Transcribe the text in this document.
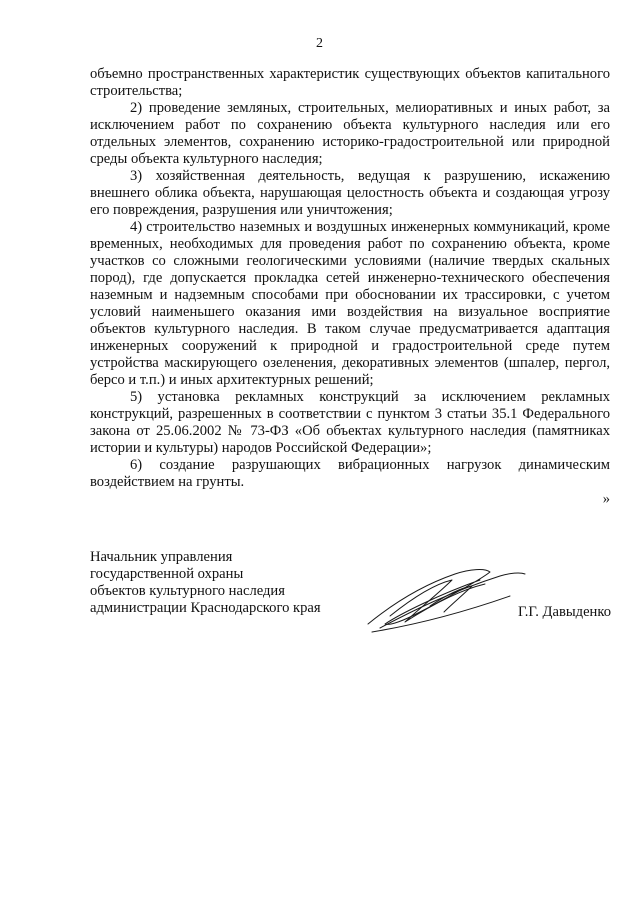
2

объемно пространственных характеристик существующих объектов капитального строительства;

2) проведение земляных, строительных, мелиоративных и иных работ, за исключением работ по сохранению объекта культурного наследия или его отдельных элементов, сохранению историко-градостроительной или природной среды объекта культурного наследия;

3) хозяйственная деятельность, ведущая к разрушению, искажению внешнего облика объекта, нарушающая целостность объекта и создающая угрозу его повреждения, разрушения или уничтожения;

4) строительство наземных и воздушных инженерных коммуникаций, кроме временных, необходимых для проведения работ по сохранению объекта, кроме участков со сложными геологическими условиями (наличие твердых скальных пород), где допускается прокладка сетей инженерно-технического обеспечения наземным и надземным способами при обосновании их трассировки, с учетом условий наименьшего оказания ими воздействия на визуальное восприятие объектов культурного наследия. В таком случае предусматривается адаптация инженерных сооружений к природной и градостроительной среде путем устройства маскирующего озеленения, декоративных элементов (шпалер, пергол, берсо и т.п.) и иных архитектурных решений;

5) установка рекламных конструкций за исключением рекламных конструкций, разрешенных в соответствии с пунктом 3 статьи 35.1 Федерального закона от 25.06.2002 № 73-ФЗ «Об объектах культурного наследия (памятниках истории и культуры) народов Российской Федерации»;

6) создание разрушающих вибрационных нагрузок динамическим воздействием на грунты.

»

Начальник управления
государственной охраны
объектов культурного наследия
администрации Краснодарского края	Г.Г. Давыденко
